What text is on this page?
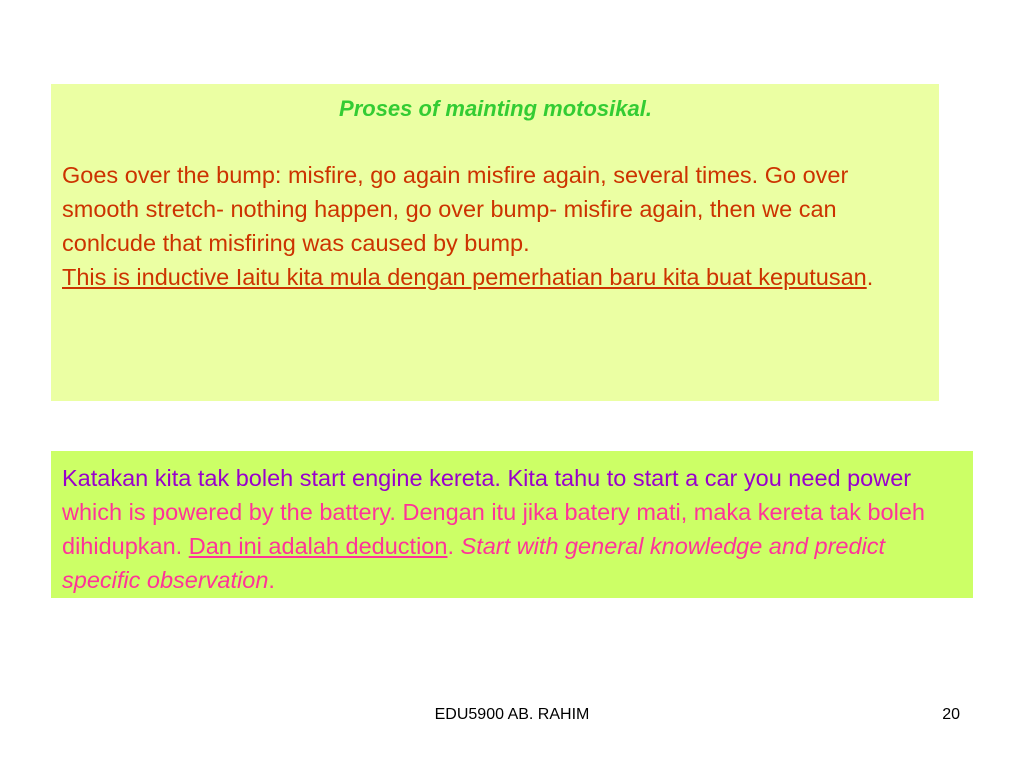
Proses of mainting motosikal.
Goes over the bump: misfire, go again misfire again, several times. Go over smooth stretch- nothing happen, go over bump- misfire again, then we can conlcude that misfiring was caused by bump.
This is inductive Iaitu kita mula dengan pemerhatian baru kita buat keputusan.
Katakan kita tak boleh start engine kereta. Kita tahu to start a car you need power which is powered by the battery. Dengan itu jika batery mati, maka kereta tak boleh dihidupkan. Dan ini adalah deduction. Start with general knowledge and predict specific observation.
EDU5900 AB. RAHIM	20
